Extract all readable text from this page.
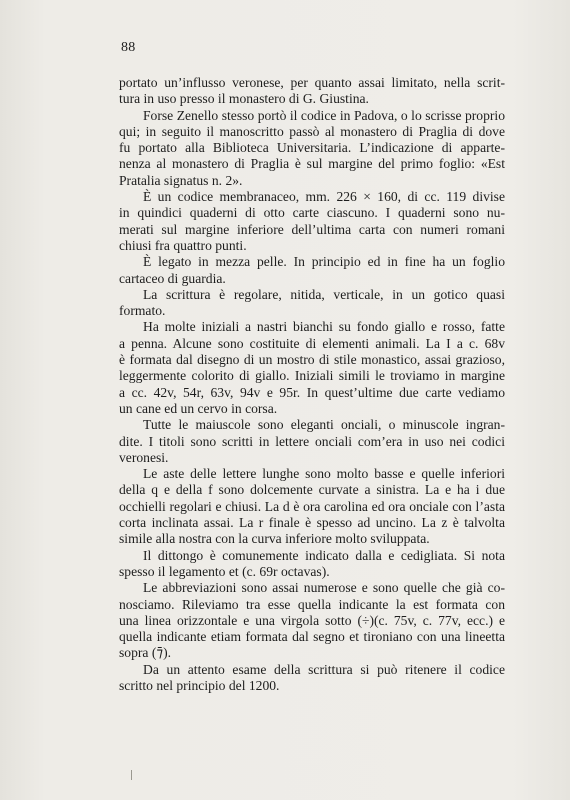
88

portato un’influsso veronese, per quanto assai limitato, nella scrit-
tura in uso presso il monastero di G. Giustina.

Forse Zenello stesso portò il codice in Padova, o lo scrisse proprio
qui; in seguito il manoscritto passò al monastero di Praglia di dove
fu portato alla Biblioteca Universitaria. L’indicazione di apparte-
nenza al monastero di Praglia è sul margine del primo foglio: «Est
Pratalia signatus n. 2».

È un codice membranaceo, mm. 226 × 160, di cc. 119 divise
in quindici quaderni di otto carte ciascuno. I quaderni sono nu-
merati sul margine inferiore dell’ultima carta con numeri romani
chiusi fra quattro punti.

È legato in mezza pelle. In principio ed in fine ha un foglio
cartaceo di guardia.

La scrittura è regolare, nitida, verticale, in un gotico quasi
formato.

Ha molte iniziali a nastri bianchi su fondo giallo e rosso, fatte
a penna. Alcune sono costituite di elementi animali. La I a c. 68v
è formata dal disegno di un mostro di stile monastico, assai grazioso,
leggermente colorito di giallo. Iniziali simili le troviamo in margine
a cc. 42v, 54r, 63v, 94v e 95r. In quest’ultime due carte vediamo
un cane ed un cervo in corsa.

Tutte le maiuscole sono eleganti onciali, o minuscole ingran-
dite. I titoli sono scritti in lettere onciali com’era in uso nei codici
veronesi.

Le aste delle lettere lunghe sono molto basse e quelle inferiori
della q e della f sono dolcemente curvate a sinistra. La e ha i due
occhielli regolari e chiusi. La d è ora carolina ed ora onciale con l’asta
corta inclinata assai. La r finale è spesso ad uncino. La z è talvolta
simile alla nostra con la curva inferiore molto sviluppata.

Il dittongo è comunemente indicato dalla e cedigliata. Si nota
spesso il legamento et (c. 69r octavas).

Le abbreviazioni sono assai numerose e sono quelle che già co-
nosciamo. Rileviamo tra esse quella indicante la est formata con
una linea orizzontale e una virgola sotto (÷)(c. 75v, c. 77v, ecc.) e
quella indicante etiam formata dal segno et tironiano con una lineetta
sopra (⁊̄).

Da un attento esame della scrittura si può ritenere il codice
scritto nel principio del 1200.
